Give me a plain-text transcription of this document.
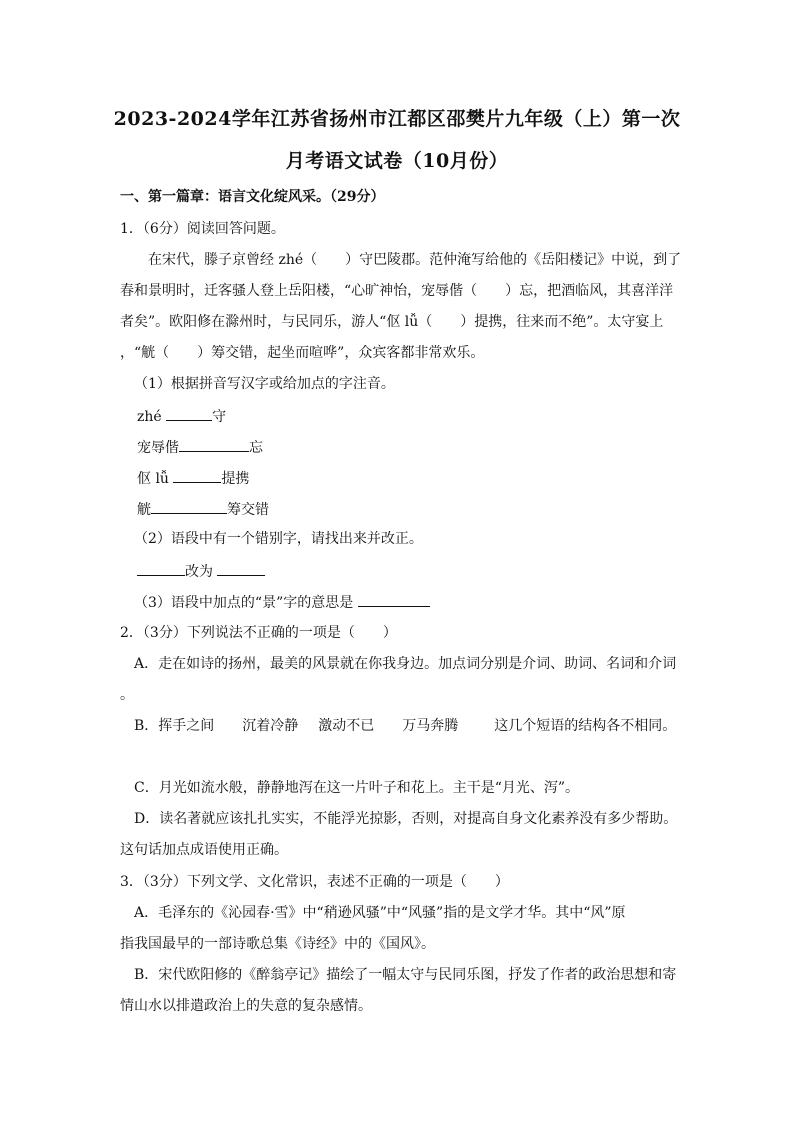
2023-2024学年江苏省扬州市江都区邵樊片九年级（上）第一次
月考语文试卷（10月份）
一、第一篇章：语言文化绽风采。（29分）
1．（6分）阅读回答问题。
在宋代，滕子京曾经 zhé（　　）守巴陵郡。范仲淹写给他的《岳阳楼记》中说，到了
春和景明时，迁客骚人登上岳阳楼，“心旷神怡，宠辱偕（　　）忘，把酒临风，其喜洋洋
者矣”。欧阳修在滁州时，与民同乐，游人“伛 lǚ（　　）提携，往来而不绝”。太守宴上
，“觥（　　）筹交错，起坐而喧哗”，众宾客都非常欢乐。
（1）根据拼音写汉字或给加点的字注音。
zhé	守
宠辱偕	忘
伛 lǚ	提携
觥	筹交错
（2）语段中有一个错别字，请找出来并改正。
改为
（3）语段中加点的“景”字的意思是
2．（3分）下列说法不正确的一项是（　　）
A．走在如诗的扬州，最美的风景就在你我身边。加点词分别是介词、助词、名词和介词
。
B．挥手之间 沉着冷静 激动不已 万马奔腾	这几个短语的结构各不相同。
C．月光如流水般，静静地泻在这一片叶子和花上。主干是“月光、泻”。
D．读名著就应该扎扎实实，不能浮光掠影，否则，对提高自身文化素养没有多少帮助。
这句话加点成语使用正确。
3．（3分）下列文学、文化常识，表述不正确的一项是（　　）
A．毛泽东的《沁园春·雪》中“稍逊风骚”中“风骚”指的是文学才华。其中“风”原
指我国最早的一部诗歌总集《诗经》中的《国风》。
B．宋代欧阳修的《醉翁亭记》描绘了一幅太守与民同乐图，抒发了作者的政治思想和寄
情山水以排遣政治上的失意的复杂感情。
